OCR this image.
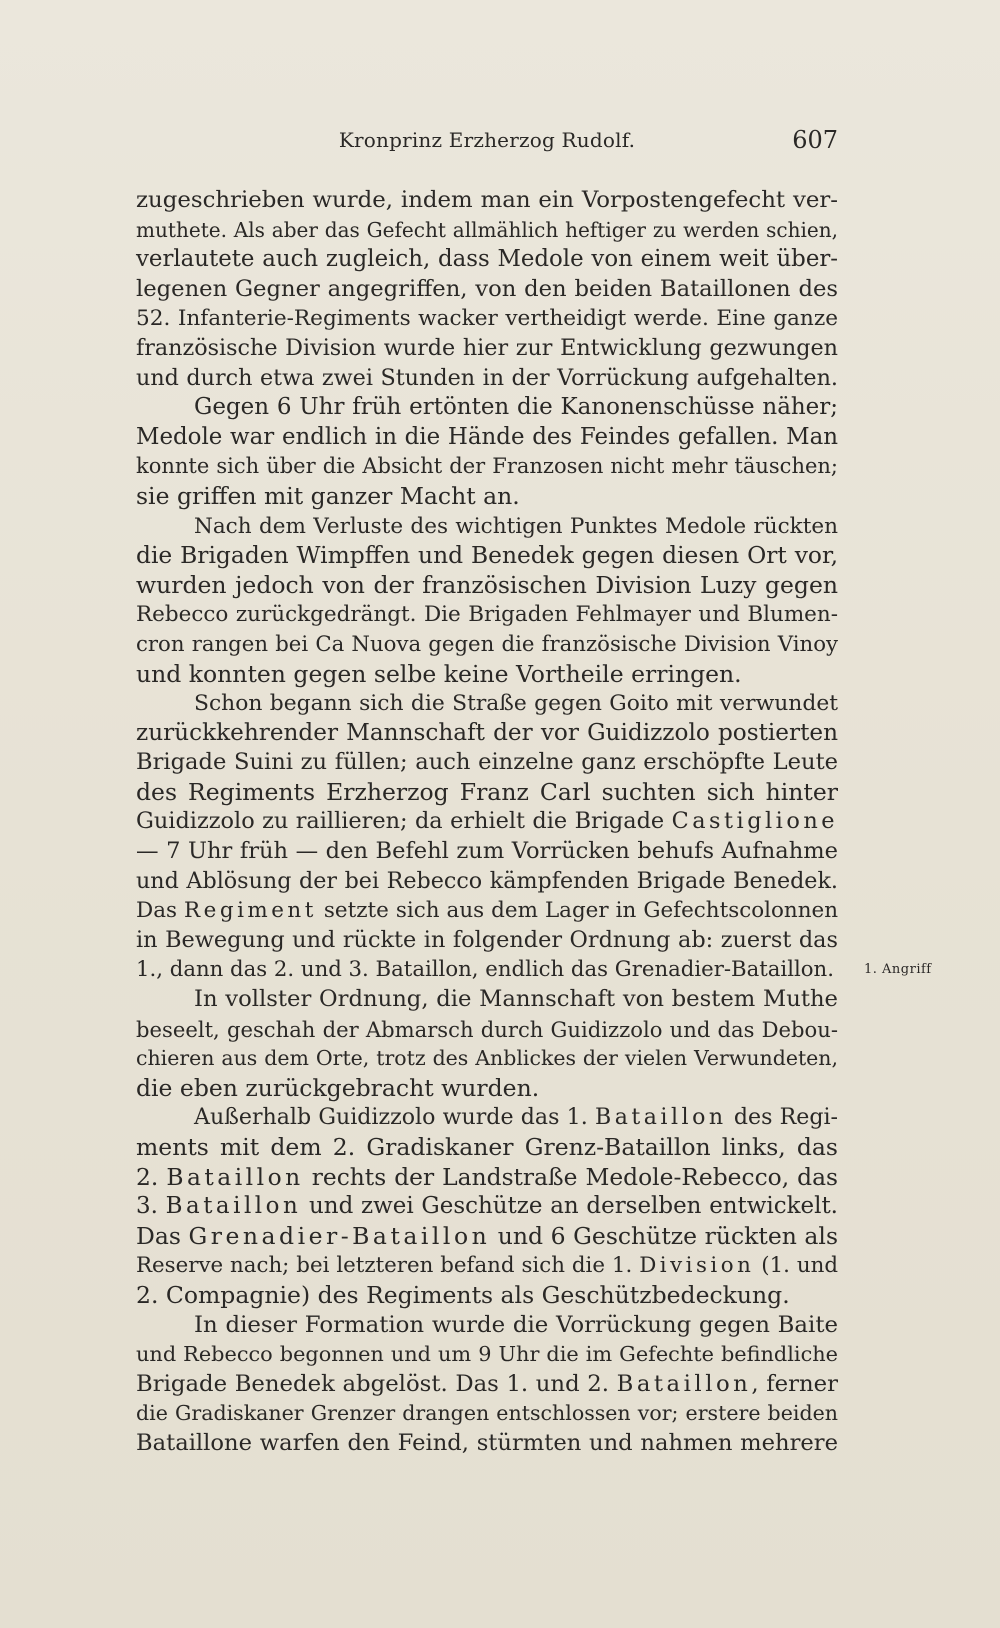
Kronprinz Erzherzog Rudolf.	607
zugeschrieben wurde, indem man ein Vorpostengefecht ver-
muthete. Als aber das Gefecht allmählich heftiger zu werden schien,
verlautete auch zugleich, dass Medole von einem weit über-
legenen Gegner angegriffen, von den beiden Bataillonen des
52. Infanterie-Regiments wacker vertheidigt werde. Eine ganze
französische Division wurde hier zur Entwicklung gezwungen
und durch etwa zwei Stunden in der Vorrückung aufgehalten.
Gegen 6 Uhr früh ertönten die Kanonenschüsse näher;
Medole war endlich in die Hände des Feindes gefallen. Man
konnte sich über die Absicht der Franzosen nicht mehr täuschen;
sie griffen mit ganzer Macht an.
Nach dem Verluste des wichtigen Punktes Medole rückten
die Brigaden Wimpffen und Benedek gegen diesen Ort vor,
wurden jedoch von der französischen Division Luzy gegen
Rebecco zurückgedrängt. Die Brigaden Fehlmayer und Blumen-
cron rangen bei Ca Nuova gegen die französische Division Vinoy
und konnten gegen selbe keine Vortheile erringen.
Schon begann sich die Straße gegen Goito mit verwundet
zurückkehrender Mannschaft der vor Guidizzolo postierten
Brigade Suini zu füllen; auch einzelne ganz erschöpfte Leute
des Regiments Erzherzog Franz Carl suchten sich hinter
Guidizzolo zu raillieren; da erhielt die Brigade Castiglione
— 7 Uhr früh — den Befehl zum Vorrücken behufs Aufnahme
und Ablösung der bei Rebecco kämpfenden Brigade Benedek.
Das Regiment setzte sich aus dem Lager in Gefechtscolonnen
in Bewegung und rückte in folgender Ordnung ab: zuerst das
1., dann das 2. und 3. Bataillon, endlich das Grenadier-Bataillon.
In vollster Ordnung, die Mannschaft von bestem Muthe
beseelt, geschah der Abmarsch durch Guidizzolo und das Debou-
chieren aus dem Orte, trotz des Anblickes der vielen Verwundeten,
die eben zurückgebracht wurden.
Außerhalb Guidizzolo wurde das 1. Bataillon des Regi-
ments mit dem 2. Gradiskaner Grenz-Bataillon links, das
2. Bataillon rechts der Landstraße Medole-Rebecco, das
3. Bataillon und zwei Geschütze an derselben entwickelt.
Das Grenadier-Bataillon und 6 Geschütze rückten als
Reserve nach; bei letzteren befand sich die 1. Division (1. und
2. Compagnie) des Regiments als Geschützbedeckung.
In dieser Formation wurde die Vorrückung gegen Baite
und Rebecco begonnen und um 9 Uhr die im Gefechte befindliche
Brigade Benedek abgelöst. Das 1. und 2. Bataillon, ferner
die Gradiskaner Grenzer drangen entschlossen vor; erstere beiden
Bataillone warfen den Feind, stürmten und nahmen mehrere
1. Angriff
